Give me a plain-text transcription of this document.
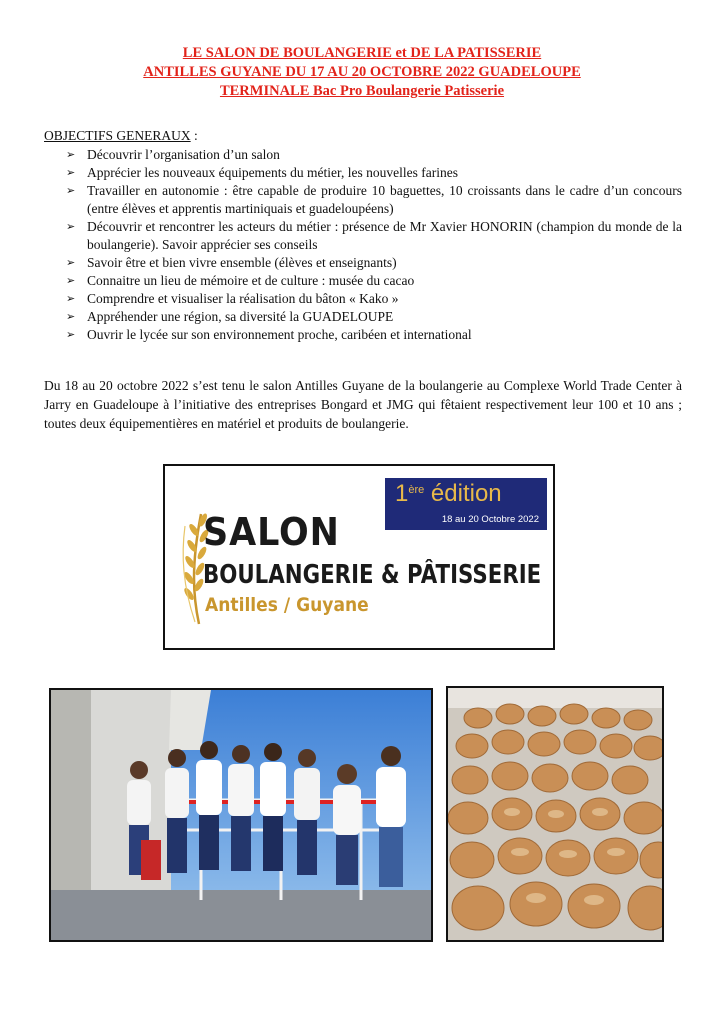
LE SALON DE BOULANGERIE et DE LA PATISSERIE
ANTILLES GUYANE DU 17 AU 20 OCTOBRE 2022 GUADELOUPE
TERMINALE Bac Pro Boulangerie Patisserie
OBJECTIFS GENERAUX :
➢ Découvrir l’organisation d’un salon
➢ Apprécier les nouveaux équipements du métier, les nouvelles farines
➢ Travailler en autonomie : être capable de produire 10 baguettes, 10 croissants dans le cadre d’un concours (entre élèves et apprentis martiniquais et guadeloupéens)
➢ Découvrir et rencontrer les acteurs du métier : présence de Mr Xavier HONORIN (champion du monde de la boulangerie). Savoir apprécier ses conseils
➢ Savoir être et bien vivre ensemble (élèves et enseignants)
➢ Connaitre un lieu de mémoire et de culture : musée du cacao
➢ Comprendre et visualiser la réalisation du bâton « Kako »
➢ Appréhender une région, sa diversité la GUADELOUPE
➢ Ouvrir le lycée sur son environnement proche, caribéen et international
Du 18 au 20 octobre 2022 s’est tenu le salon Antilles Guyane de la boulangerie au Complexe World Trade Center à Jarry en Guadeloupe à l’initiative des entreprises Bongard et JMG qui fêtaient respectivement leur 100 et 10 ans ; toutes deux équipementières en matériel et produits de boulangerie.
SALON
BOULANGERIE & PÂTISSERIE
Antilles / Guyane
1ère édition
18 au 20 Octobre 2022
